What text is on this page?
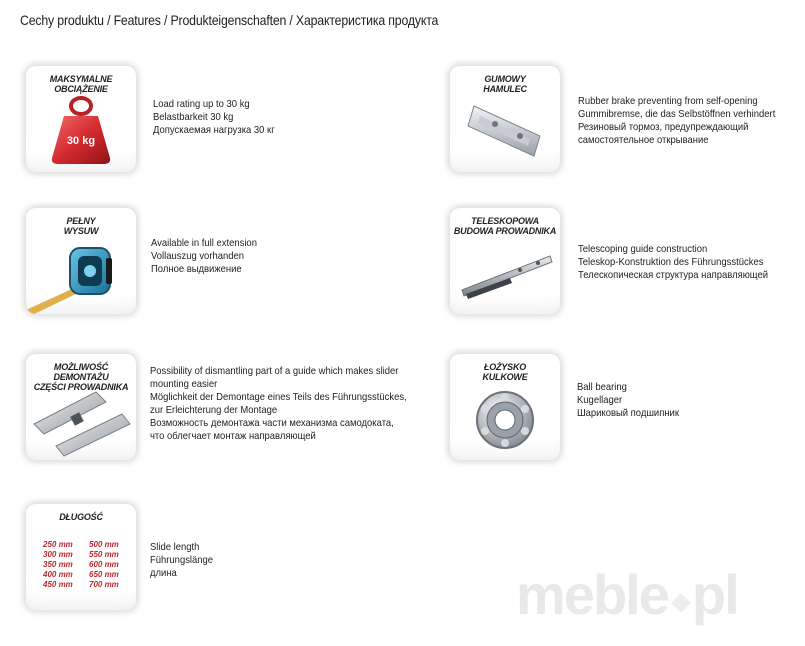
Cechy produktu / Features / Produkteigenschaften / Характеристика продукта
MAKSYMALNE
OBCIĄŻENIE
30 kg
Load rating up to 30 kg
Belastbarkeit 30 kg
Допускаемая нагрузка 30 кг
GUMOWY
HAMULEC
Rubber brake preventing from self-opening
Gummibremse, die das Selbstöffnen verhindert
Резиновый тормоз, предупреждающий
самостоятельное открывание
PEŁNY
WYSUW
Available in full extension
Vollauszug vorhanden
Полное выдвижение
TELESKOPOWA
BUDOWA PROWADNIKA
Telescoping guide construction
Teleskop-Konstruktion des Führungsstückes
Телескопическая структура направляющей
MOŻLIWOŚĆ DEMONTAŻU
CZĘŚCI PROWADNIKA
Possibility of dismantling part of a guide which makes slider
mounting easier
Möglichkeit der Demontage eines Teils des Führungsstückes,
zur Erleichterung der Montage
Возможность демонтажа части механизма самодоката,
что облегчает монтаж направляющей
ŁOŻYSKO
KULKOWE
Ball bearing
Kugellager
Шариковый подшипник
DŁUGOŚĆ
250 mm	500 mm
300 mm	550 mm
350 mm	600 mm
400 mm	650 mm
450 mm	700 mm
Slide length
Führungslänge
длина	meble pl
